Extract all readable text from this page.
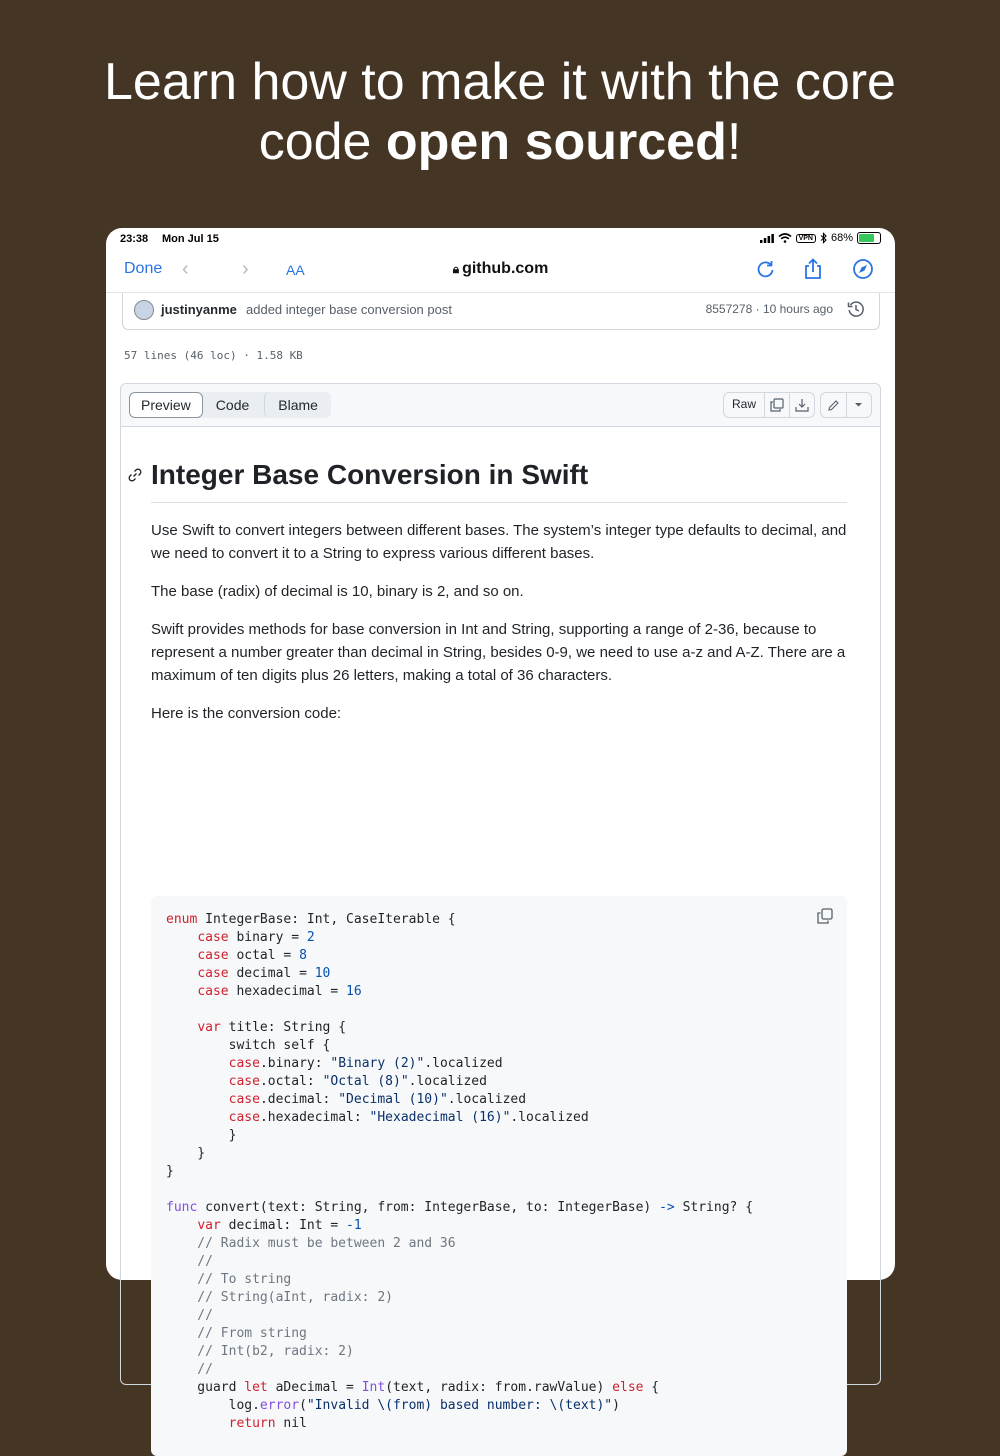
Learn how to make it with the core
code open sourced!
23:38 Mon Jul 15	VPN 68%
Done ‹	›	AA	🔒︎ github.com
justinyanme added integer base conversion post	8557278 · 10 hours ago
57 lines (46 loc) · 1.58 KB
Preview	Code	Blame	Raw
Integer Base Conversion in Swift

Use Swift to convert integers between different bases. The system’s integer type defaults to decimal, and we need to convert it to a String to express various different bases.

The base (radix) of decimal is 10, binary is 2, and so on.

Swift provides methods for base conversion in Int and String, supporting a range of 2-36, because to represent a number greater than decimal in String, besides 0-9, we need to use a-z and A-Z. There are a maximum of ten digits plus 26 letters, making a total of 36 characters.

Here is the conversion code:

enum IntegerBase: Int, CaseIterable {
case binary = 2
case octal = 8
case decimal = 10
case hexadecimal = 16
var title: String {
switch self {
case.binary: "Binary (2)".localized
case.octal: "Octal (8)".localized
case.decimal: "Decimal (10)".localized
case.hexadecimal: "Hexadecimal (16)".localized
}
}
}
func convert(text: String, from: IntegerBase, to: IntegerBase) -> String? {
var decimal: Int = -1
// Radix must be between 2 and 36
//
// To string
// String(aInt, radix: 2)
//
// From string
// Int(b2, radix: 2)
//
guard let aDecimal = Int(text, radix: from.rawValue) else {
log.error("Invalid \(from) based number: \(text)")
return nil
